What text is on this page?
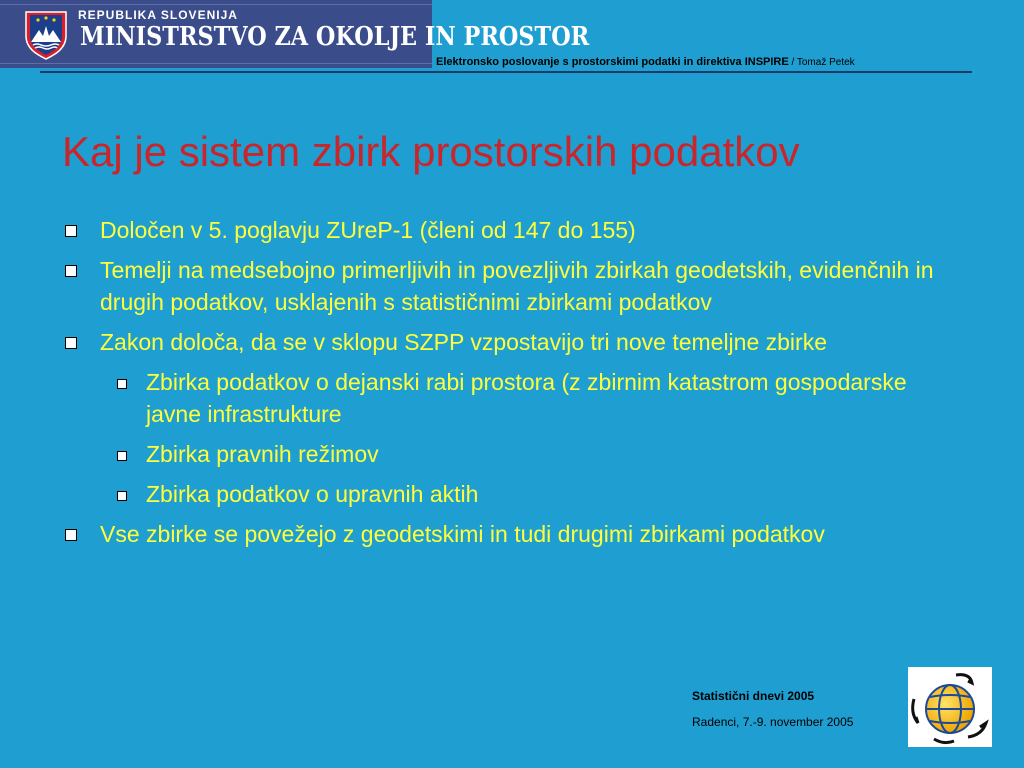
REPUBLIKA SLOVENIJA
MINISTRSTVO ZA OKOLJE IN PROSTOR
Elektronsko poslovanje s prostorskimi podatki in direktiva INSPIRE / Tomaž Petek
Kaj je sistem zbirk prostorskih podatkov
Določen v 5. poglavju ZUreP-1 (členi od 147 do 155)
Temelji na medsebojno primerljivih in povezljivih zbirkah geodetskih, evidenčnih in drugih podatkov, usklajenih s statističnimi zbirkami podatkov
Zakon določa, da se v sklopu SZPP vzpostavijo tri nove temeljne zbirke
Zbirka podatkov o dejanski rabi prostora (z zbirnim katastrom gospodarske javne infrastrukture
Zbirka pravnih režimov
Zbirka podatkov o upravnih aktih
Vse zbirke se povežejo z geodetskimi in tudi drugimi zbirkami podatkov
Statistični dnevi 2005
Radenci, 7.-9. november 2005
